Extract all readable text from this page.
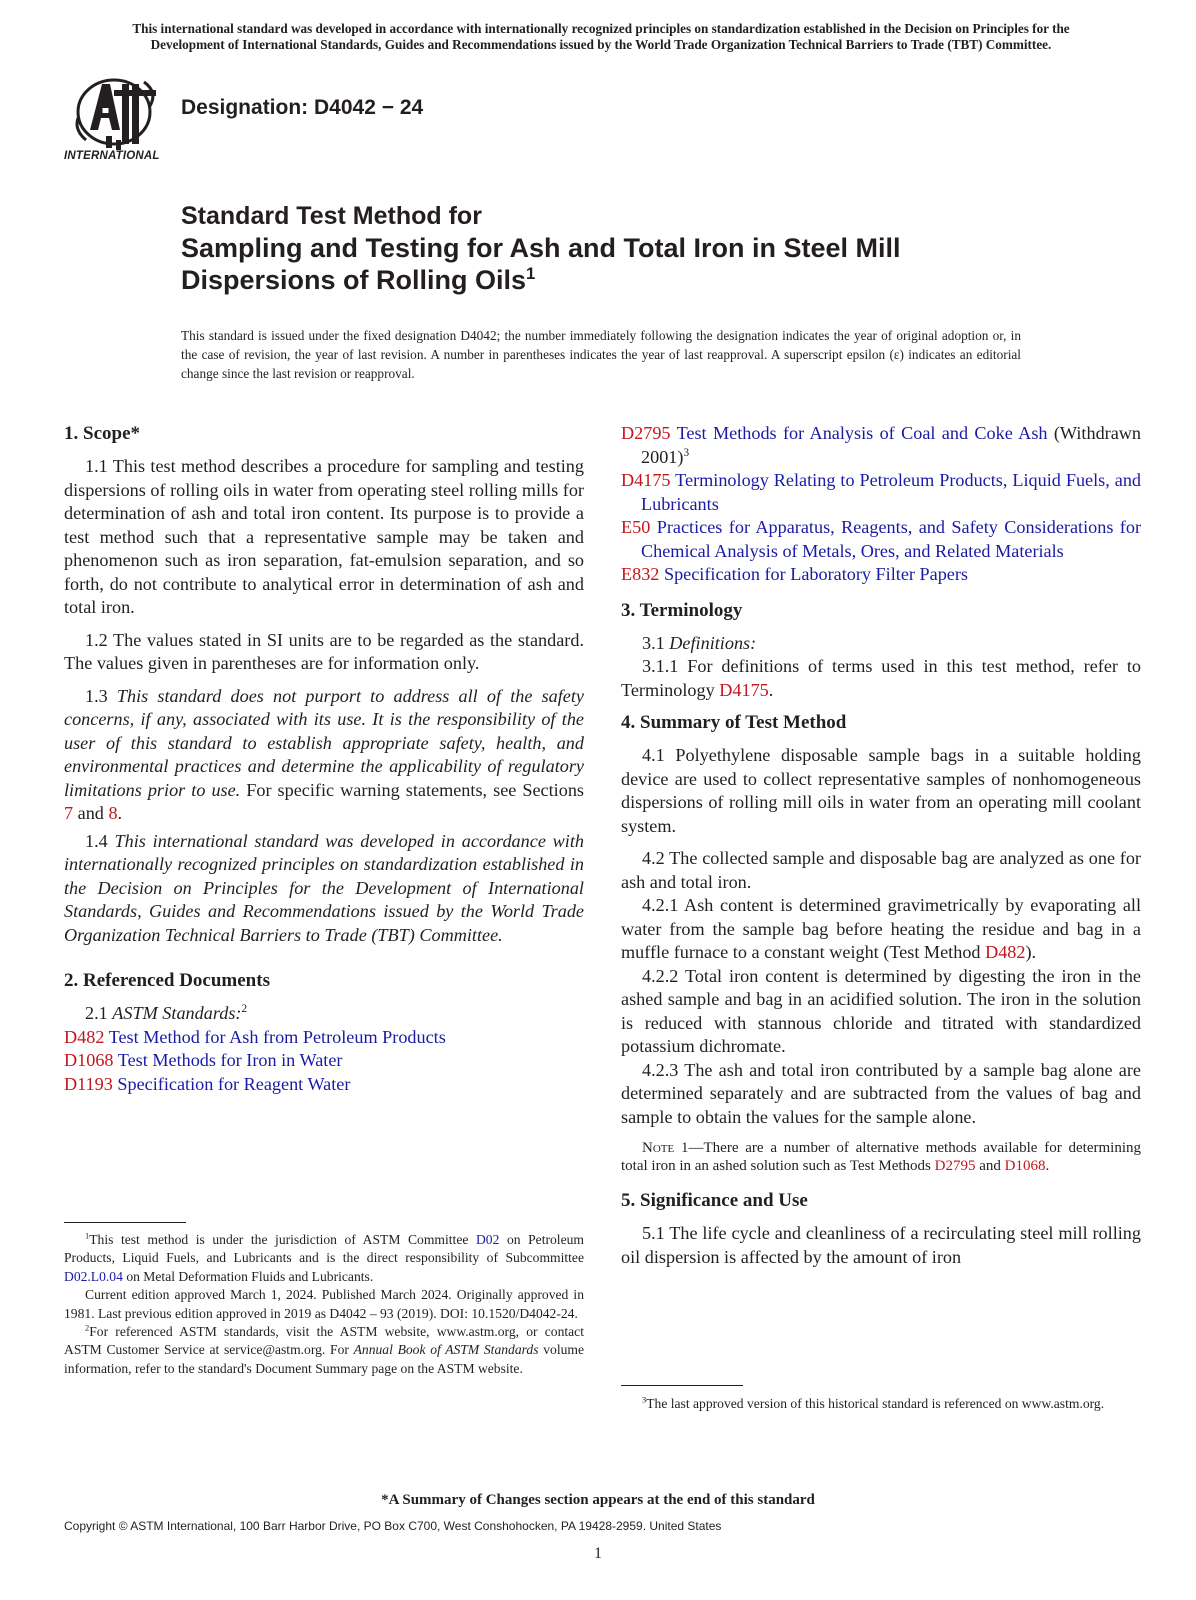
This international standard was developed in accordance with internationally recognized principles on standardization established in the Decision on Principles for the
Development of International Standards, Guides and Recommendations issued by the World Trade Organization Technical Barriers to Trade (TBT) Committee.
INTERNATIONAL
Designation: D4042 − 24
Standard Test Method for
Sampling and Testing for Ash and Total Iron in Steel Mill
Dispersions of Rolling Oils$^1$
This standard is issued under the fixed designation D4042; the number immediately following the designation indicates the year of original adoption or, in the case of revision, the year of last revision. A number in parentheses indicates the year of last reapproval. A superscript epsilon (ε) indicates an editorial change since the last revision or reapproval.
1. Scope*

1.1 This test method describes a procedure for sampling and testing dispersions of rolling oils in water from operating steel rolling mills for determination of ash and total iron content. Its purpose is to provide a test method such that a representative sample may be taken and phenomenon such as iron separation, fat-emulsion separation, and so forth, do not contribute to analytical error in determination of ash and total iron.

1.2 The values stated in SI units are to be regarded as the standard. The values given in parentheses are for information only.

1.3 This standard does not purport to address all of the safety concerns, if any, associated with its use. It is the responsibility of the user of this standard to establish appropriate safety, health, and environmental practices and determine the applicability of regulatory limitations prior to use. For specific warning statements, see Sections 7 and 8.

1.4 This international standard was developed in accordance with internationally recognized principles on standardization established in the Decision on Principles for the Development of International Standards, Guides and Recommendations issued by the World Trade Organization Technical Barriers to Trade (TBT) Committee.

2. Referenced Documents

2.1 ASTM Standards:$^2$

D482 Test Method for Ash from Petroleum Products
D1068 Test Methods for Iron in Water
D1193 Specification for Reagent Water
D2795 Test Methods for Analysis of Coal and Coke Ash (Withdrawn 2001)$^3$
D4175 Terminology Relating to Petroleum Products, Liquid Fuels, and Lubricants
E50 Practices for Apparatus, Reagents, and Safety Considerations for Chemical Analysis of Metals, Ores, and Related Materials
E832 Specification for Laboratory Filter Papers
3. Terminology

3.1 Definitions:

3.1.1 For definitions of terms used in this test method, refer to Terminology D4175.

4. Summary of Test Method

4.1 Polyethylene disposable sample bags in a suitable holding device are used to collect representative samples of nonhomogeneous dispersions of rolling mill oils in water from an operating mill coolant system.

4.2 The collected sample and disposable bag are analyzed as one for ash and total iron.

4.2.1 Ash content is determined gravimetrically by evaporating all water from the sample bag before heating the residue and bag in a muffle furnace to a constant weight (Test Method D482).

4.2.2 Total iron content is determined by digesting the iron in the ashed sample and bag in an acidified solution. The iron in the solution is reduced with stannous chloride and titrated with standardized potassium dichromate.

4.2.3 The ash and total iron contributed by a sample bag alone are determined separately and are subtracted from the values of bag and sample to obtain the values for the sample alone.

Note 1—There are a number of alternative methods available for determining total iron in an ashed solution such as Test Methods D2795 and D1068.
5. Significance and Use

5.1 The life cycle and cleanliness of a recirculating steel mill rolling oil dispersion is affected by the amount of iron

$^1$This test method is under the jurisdiction of ASTM Committee D02 on Petroleum Products, Liquid Fuels, and Lubricants and is the direct responsibility of Subcommittee D02.L0.04 on Metal Deformation Fluids and Lubricants.

Current edition approved March 1, 2024. Published March 2024. Originally approved in 1981. Last previous edition approved in 2019 as D4042 – 93 (2019). DOI: 10.1520/D4042-24.

$^2$For referenced ASTM standards, visit the ASTM website, www.astm.org, or contact ASTM Customer Service at service@astm.org. For Annual Book of ASTM Standards volume information, refer to the standard's Document Summary page on the ASTM website.

$^3$The last approved version of this historical standard is referenced on www.astm.org.

*A Summary of Changes section appears at the end of this standard
Copyright © ASTM International, 100 Barr Harbor Drive, PO Box C700, West Conshohocken, PA 19428-2959. United States
1
